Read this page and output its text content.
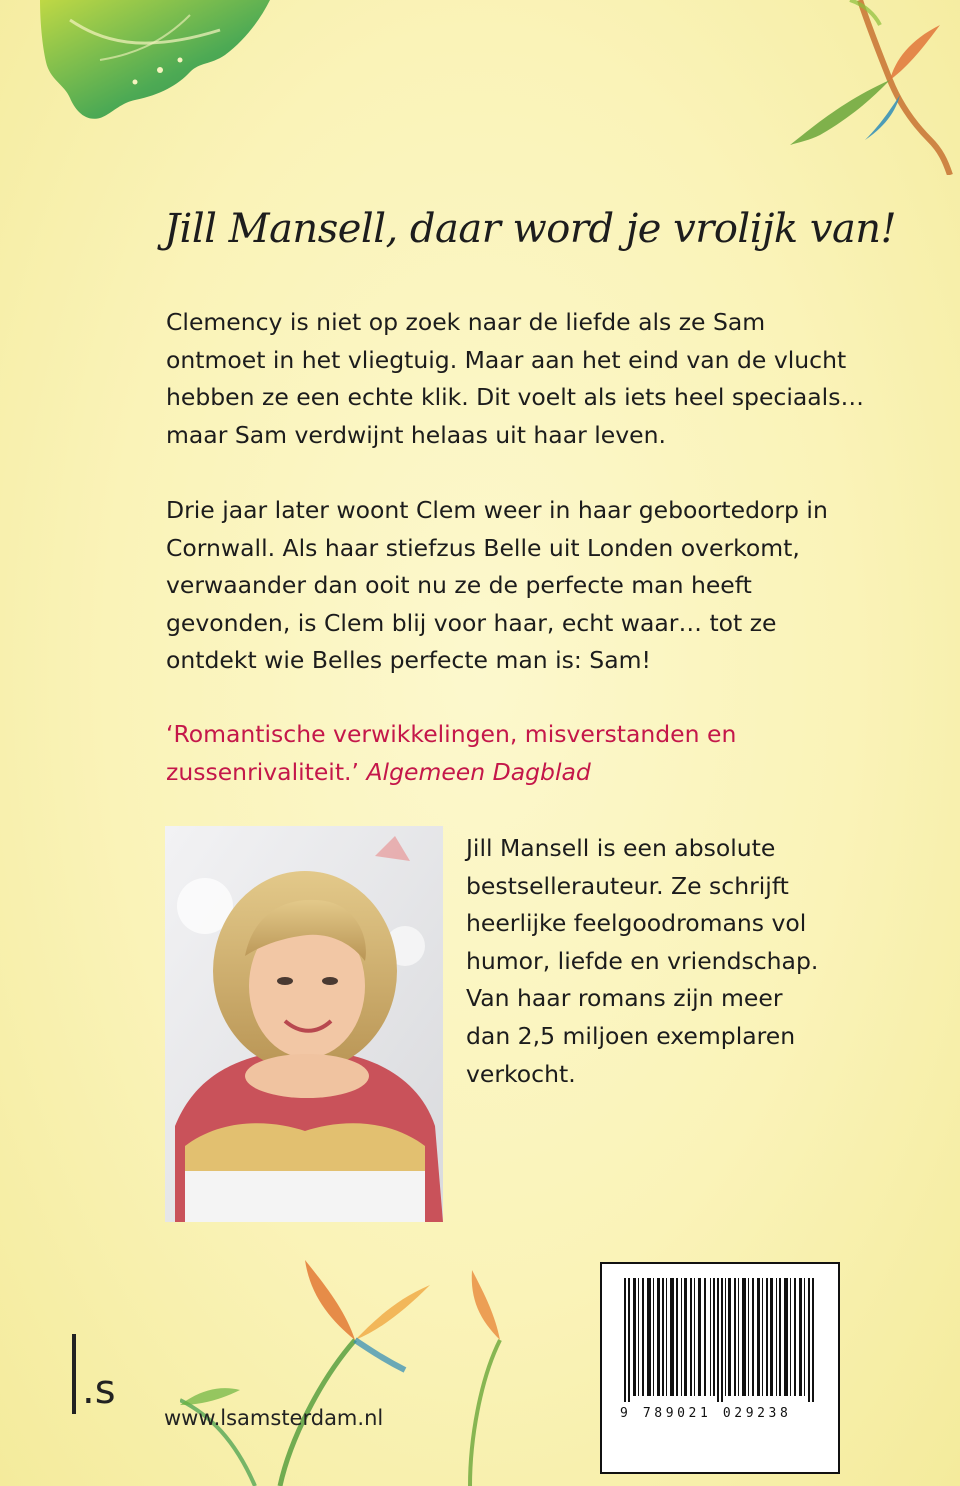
Jill Mansell, daar word je vrolijk van!
Clemency is niet op zoek naar de liefde als ze Sam
ontmoet in het vliegtuig. Maar aan het eind van de vlucht
hebben ze een echte klik. Dit voelt als iets heel speciaals…
maar Sam verdwijnt helaas uit haar leven.
Drie jaar later woont Clem weer in haar geboortedorp in
Cornwall. Als haar stiefzus Belle uit Londen overkomt,
verwaander dan ooit nu ze de perfecte man heeft
gevonden, is Clem blij voor haar, echt waar… tot ze
ontdekt wie Belles perfecte man is: Sam!
‘Romantische verwikkelingen, misverstanden en
zussenrivaliteit.’ Algemeen Dagblad
Jill Mansell is een absolute
bestsellerauteur. Ze schrijft
heerlijke feelgoodromans vol
humor, liefde en vriendschap.
Van haar romans zijn meer
dan 2,5 miljoen exemplaren
verkocht.
9 789021 029238
.s
www.lsamsterdam.nl
